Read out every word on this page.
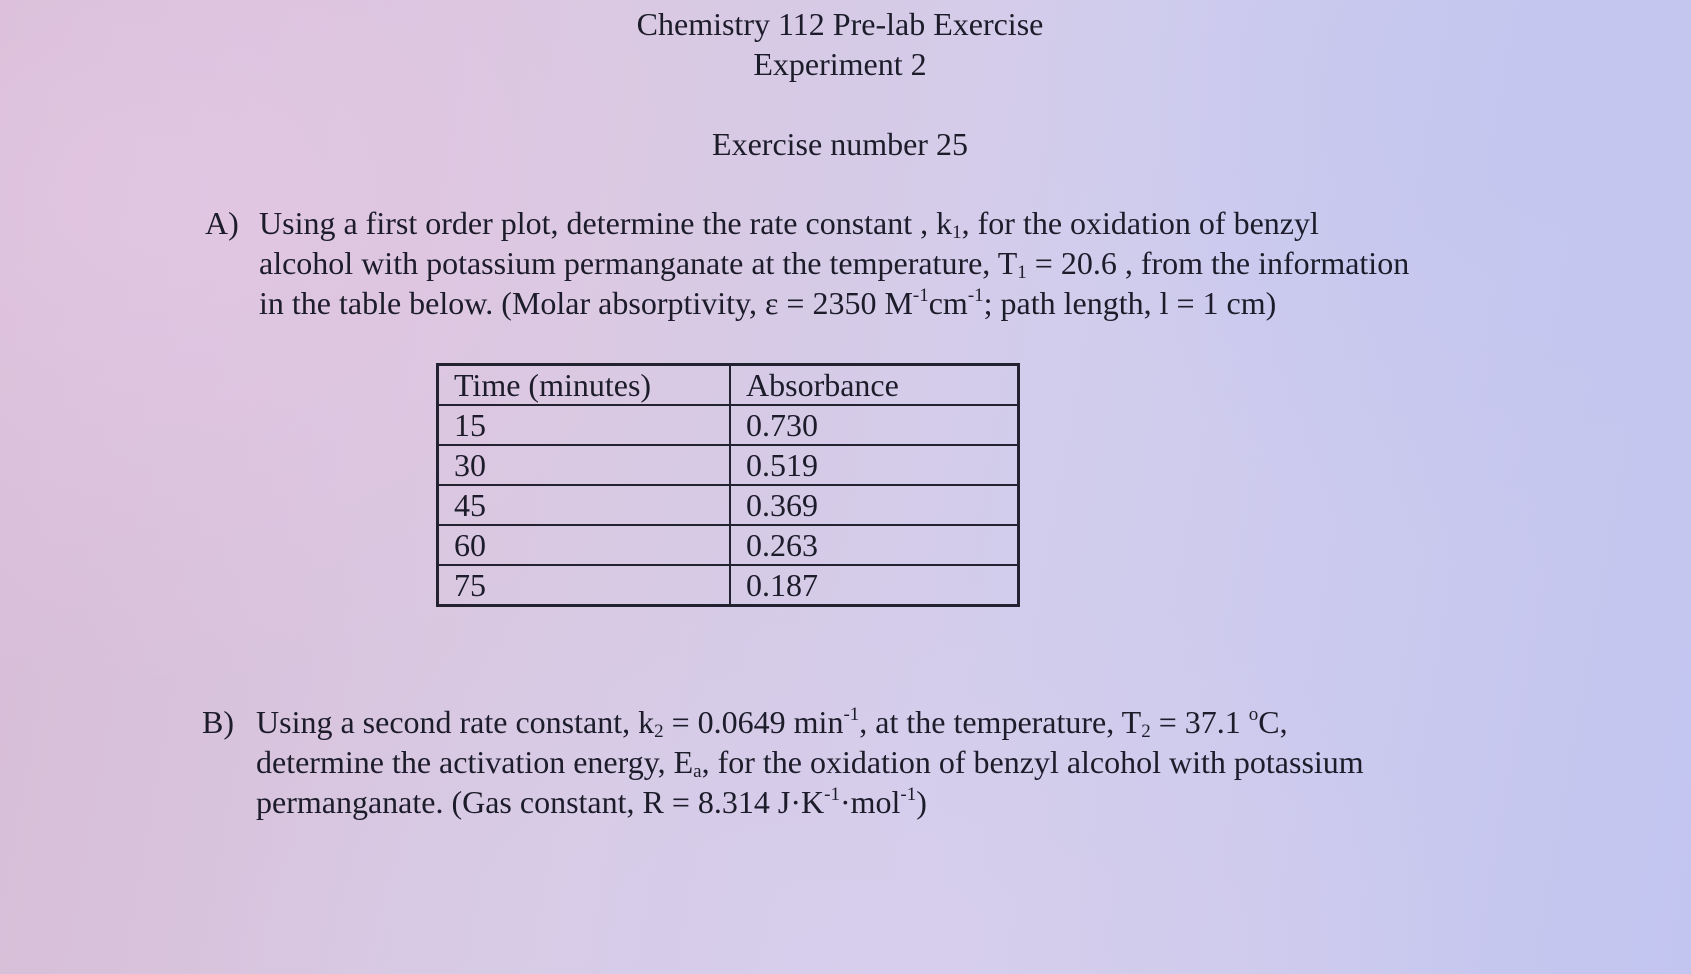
Chemistry 112 Pre-lab Exercise
Experiment 2
Exercise number 25
A) Using a first order plot, determine the rate constant , $k_1$, for the oxidation of benzyl
alcohol with potassium permanganate at the temperature, $T_1 = 20.6$ , from the information
in the table below. (Molar absorptivity, ε = 2350 $M^{-1}cm^{-1}$; path length, l = 1 cm)
Time (minutes)	Absorbance
15	0.730
30	0.519
45	0.369
60	0.263
75	0.187
B) Using a second rate constant, $k_2 = 0.0649$ $\min^{-1}$, at the temperature, $T_2 = 37.1$ $^o$C,
determine the activation energy, $E_a$, for the oxidation of benzyl alcohol with potassium
permanganate. (Gas constant, R = 8.314 $J\cdot K^{-1}\cdot mol^{-1}$)
